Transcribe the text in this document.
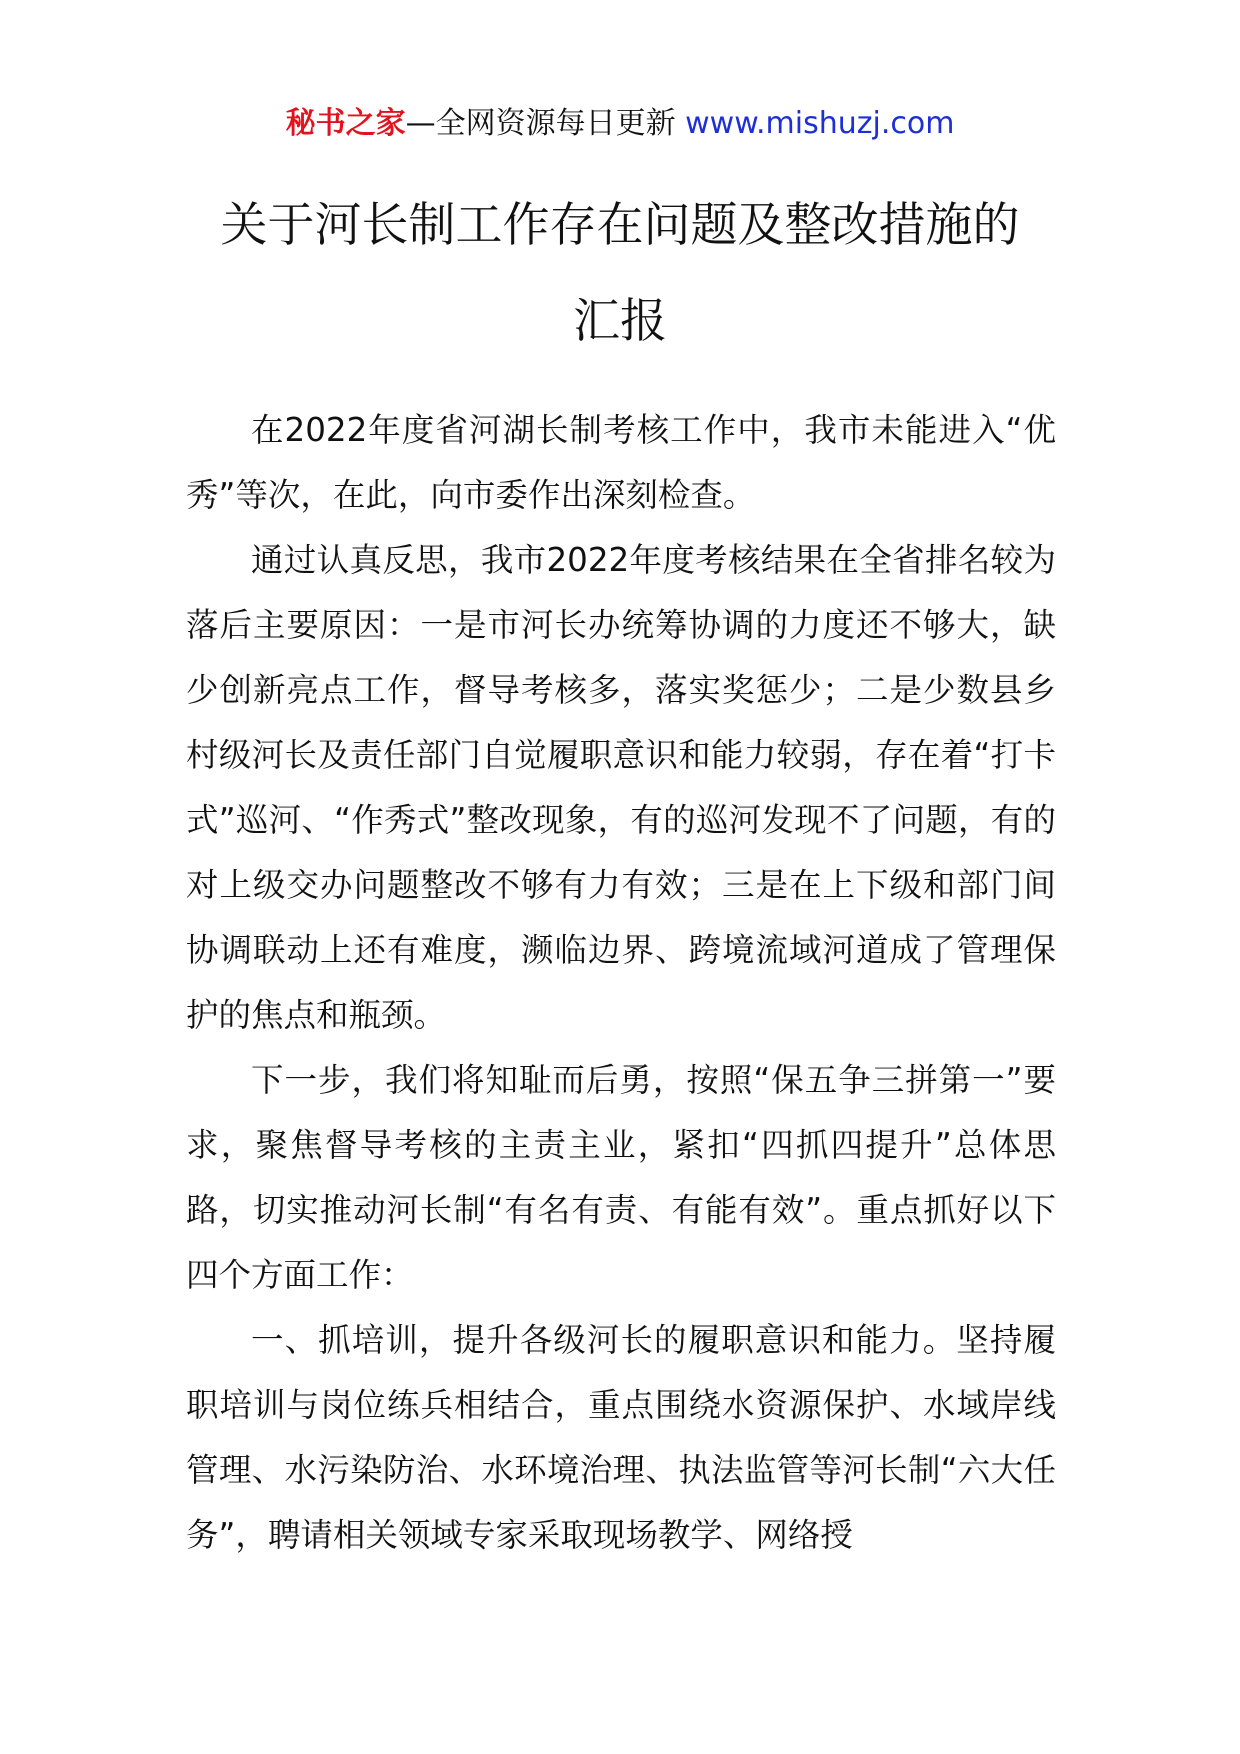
秘书之家—全网资源每日更新 www.mishuzj.com
关于河长制工作存在问题及整改措施的
汇报

在2022年度省河湖长制考核工作中，我市未能进入“优秀”等次，在此，向市委作出深刻检查。

通过认真反思，我市2022年度考核结果在全省排名较为落后主要原因：一是市河长办统筹协调的力度还不够大，缺少创新亮点工作，督导考核多，落实奖惩少；二是少数县乡村级河长及责任部门自觉履职意识和能力较弱，存在着“打卡式”巡河、“作秀式”整改现象，有的巡河发现不了问题，有的对上级交办问题整改不够有力有效；三是在上下级和部门间协调联动上还有难度，濒临边界、跨境流域河道成了管理保护的焦点和瓶颈。

下一步，我们将知耻而后勇，按照“保五争三拼第一”要求，聚焦督导考核的主责主业，紧扣“四抓四提升”总体思路，切实推动河长制“有名有责、有能有效”。重点抓好以下四个方面工作：

一、抓培训，提升各级河长的履职意识和能力。坚持履职培训与岗位练兵相结合，重点围绕水资源保护、水域岸线管理、水污染防治、水环境治理、执法监管等河长制“六大任务”，聘请相关领域专家采取现场教学、网络授
